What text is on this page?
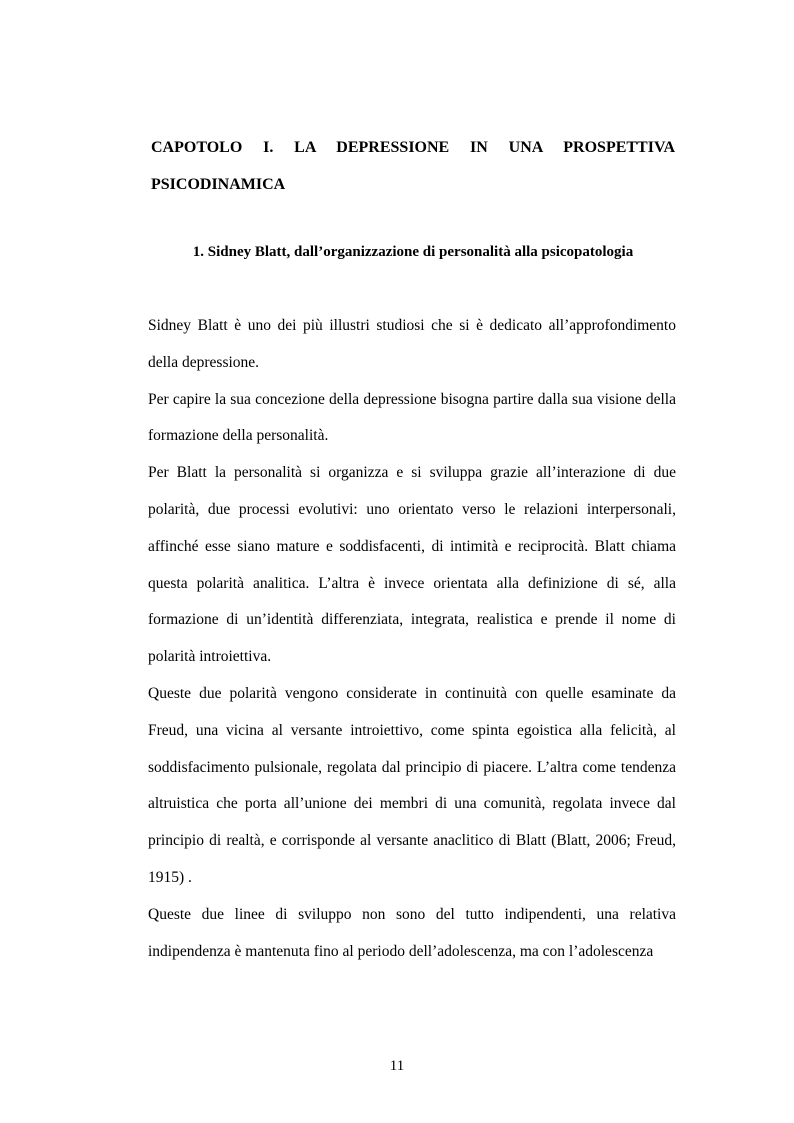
CAPOTOLO I. LA DEPRESSIONE IN UNA PROSPETTIVA
PSICODINAMICA
1. Sidney Blatt, dall’organizzazione di personalità alla psicopatologia

Sidney Blatt è uno dei più illustri studiosi che si è dedicato all’approfondimento della depressione.

Per capire la sua concezione della depressione bisogna partire dalla sua visione della formazione della personalità.

Per Blatt la personalità si organizza e si sviluppa grazie all’interazione di due polarità, due processi evolutivi: uno orientato verso le relazioni interpersonali, affinché esse siano mature e soddisfacenti, di intimità e reciprocità. Blatt chiama questa polarità analitica. L’altra è invece orientata alla definizione di sé, alla formazione di un’identità differenziata, integrata, realistica e prende il nome di polarità introiettiva.

Queste due polarità vengono considerate in continuità con quelle esaminate da Freud, una vicina al versante introiettivo, come spinta egoistica alla felicità, al soddisfacimento pulsionale, regolata dal principio di piacere. L’altra come tendenza altruistica che porta all’unione dei membri di una comunità, regolata invece dal principio di realtà, e corrisponde al versante anaclitico di Blatt (Blatt, 2006; Freud, 1915) .

Queste due linee di sviluppo non sono del tutto indipendenti, una relativa indipendenza è mantenuta fino al periodo dell’adolescenza, ma con l’adolescenza

11
